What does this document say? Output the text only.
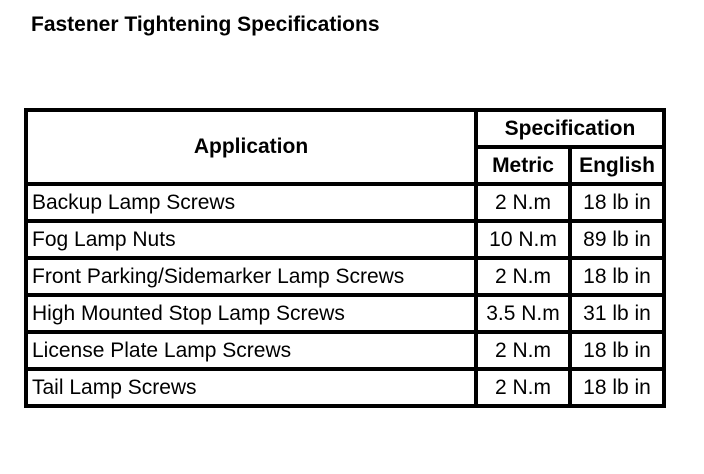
Fastener Tightening Specifications
Application	Specification	
	Metric	English
Backup Lamp Screws	2 N.m	18 lb in
Fog Lamp Nuts	10 N.m	89 lb in
Front Parking/Sidemarker Lamp Screws	2 N.m	18 lb in
High Mounted Stop Lamp Screws	3.5 N.m	31 lb in
License Plate Lamp Screws	2 N.m	18 lb in
Tail Lamp Screws	2 N.m	18 lb in
